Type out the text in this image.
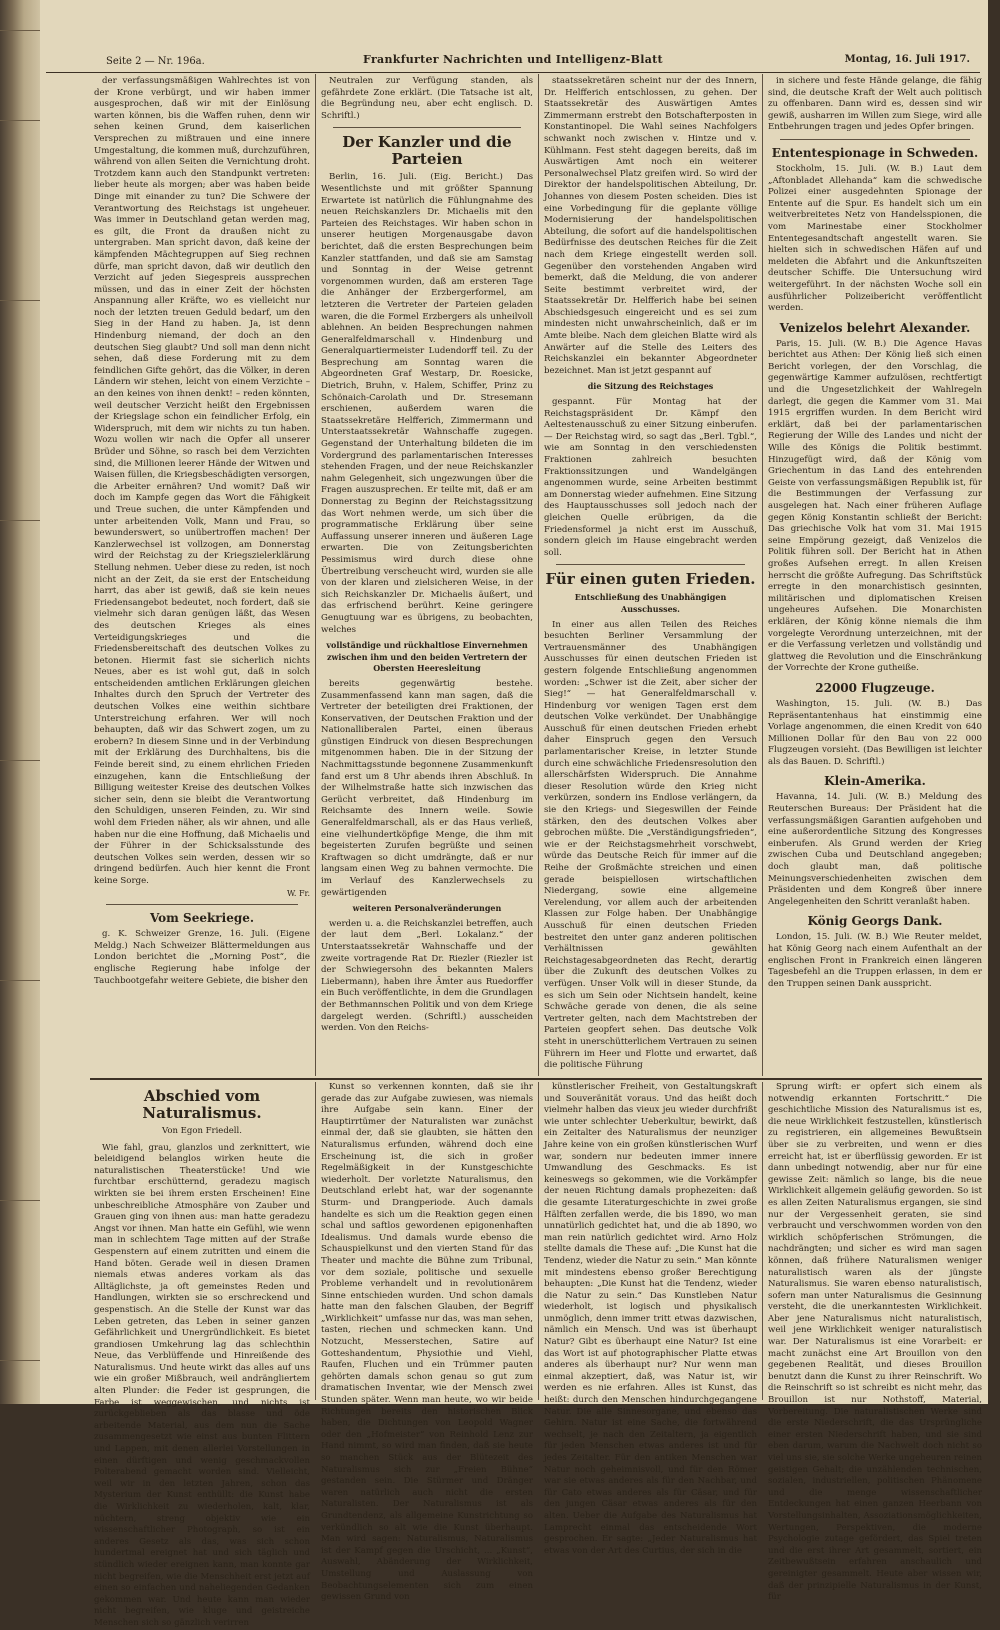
Seite 2 — Nr. 196a.	Frankfurter Nachrichten und Intelligenz-Blatt	Montag, 16. Juli 1917.

der verfassungsmäßigen Wahlrechtes ist von der Krone verbürgt, und wir haben immer ausgesprochen, daß wir mit der Einlösung warten können, bis die Waffen ruhen, denn wir sehen keinen Grund, dem kaiserlichen Versprechen zu mißtrauen und eine innere Umgestaltung, die kommen muß, durchzuführen, während von allen Seiten die Vernichtung droht. Trotzdem kann auch den Standpunkt vertreten: lieber heute als morgen; aber was haben beide Dinge mit einander zu tun? Die Schwere der Verantwortung des Reichstags ist ungeheuer. Was immer in Deutschland getan werden mag, es gilt, die Front da draußen nicht zu untergraben. Man spricht davon, daß keine der kämpfenden Mächtegruppen auf Sieg rechnen dürfe, man spricht davon, daß wir deutlich den Verzicht auf jeden Siegespreis aussprechen müssen, und das in einer Zeit der höchsten Anspannung aller Kräfte, wo es vielleicht nur noch der letzten treuen Geduld bedarf, um den Sieg in der Hand zu haben. Ja, ist denn Hindenburg niemand, der doch an den deutschen Sieg glaubt? Und soll man denn nicht sehen, daß diese Forderung mit zu dem feindlichen Gifte gehört, das die Völker, in deren Ländern wir stehen, leicht von einem Verzichte – an den keines von ihnen denkt! – reden könnten, weil deutscher Verzicht heißt den Ergebnissen der Kriegslage schon ein feindlicher Erfolg, ein Widerspruch, mit dem wir nichts zu tun haben. Wozu wollen wir nach die Opfer all unserer Brüder und Söhne, so rasch bei dem Verzichten sind, die Millionen leerer Hände der Witwen und Waisen füllen, die Kriegsbeschädigten versorgen, die Arbeiter ernähren? Und womit? Daß wir doch im Kampfe gegen das Wort die Fähigkeit und Treue suchen, die unter Kämpfenden und unter arbeitenden Volk, Mann und Frau, so bewunderswert, so unübertroffen machen! Der Kanzlerwechsel ist vollzogen, am Donnerstag wird der Reichstag zu der Kriegszielerklärung Stellung nehmen. Ueber diese zu reden, ist noch nicht an der Zeit, da sie erst der Entscheidung harrt, das aber ist gewiß, daß sie kein neues Friedensangebot bedeutet, noch fordert, daß sie vielmehr sich daran genügen läßt, das Wesen des deutschen Krieges als eines Verteidigungskrieges und die Friedensbereitschaft des deutschen Volkes zu betonen. Hiermit fast sie sicherlich nichts Neues, aber es ist wohl gut, daß in solch entscheidenden amtlichen Erklärungen gleichen Inhaltes durch den Spruch der Vertreter des deutschen Volkes eine weithin sichtbare Unterstreichung erfahren. Wer will noch behaupten, daß wir das Schwert zogen, um zu erobern? In diesem Sinne und in der Verbindung mit der Erklärung des Durchhaltens, bis die Feinde bereit sind, zu einem ehrlichen Frieden einzugehen, kann die Entschließung der Billigung weitester Kreise des deutschen Volkes sicher sein, denn sie bleibt die Verantwortung den Schuldigen, unseren Feinden, zu. Wir sind wohl dem Frieden näher, als wir ahnen, und alle haben nur die eine Hoffnung, daß Michaelis und der Führer in der Schicksalsstunde des deutschen Volkes sein werden, dessen wir so dringend bedürfen. Auch hier kennt die Front keine Sorge.

W. Fr.
Vom Seekriege.

g. K. Schweizer Grenze, 16. Juli. (Eigene Meldg.) Nach Schweizer Blättermeldungen aus London berichtet die „Morning Post“, die englische Regierung habe infolge der Tauchbootgefahr weitere Gebiete, die bisher den

Neutralen zur Verfügung standen, als gefährdete Zone erklärt. (Die Tatsache ist alt, die Begründung neu, aber echt englisch. D. Schriftl.)

Der Kanzler und die Parteien

Berlin, 16. Juli. (Eig. Bericht.) Das Wesentlichste und mit größter Spannung Erwartete ist natürlich die Fühlungnahme des neuen Reichskanzlers Dr. Michaelis mit den Parteien des Reichstages. Wir haben schon in unserer heutigen Morgenausgabe davon berichtet, daß die ersten Besprechungen beim Kanzler stattfanden, und daß sie am Samstag und Sonntag in der Weise getrennt vorgenommen wurden, daß am ersteren Tage die Anhänger der Erzbergerformel, am letzteren die Vertreter der Parteien geladen waren, die die Formel Erzbergers als unheilvoll ablehnen. An beiden Besprechungen nahmen Generalfeldmarschall v. Hindenburg und Generalquartiermeister Ludendorff teil. Zu der Besprechung am Sonntag waren die Abgeordneten Graf Westarp, Dr. Roesicke, Dietrich, Bruhn, v. Halem, Schiffer, Prinz zu Schönaich-Carolath und Dr. Stresemann erschienen, außerdem waren die Staatssekretäre Helfferich, Zimmermann und Unterstaatssekretär Wahnschaffe zugegen. Gegenstand der Unterhaltung bildeten die im Vordergrund des parlamentarischen Interesses stehenden Fragen, und der neue Reichskanzler nahm Gelegenheit, sich ungezwungen über die Fragen auszusprechen. Er teilte mit, daß er am Donnerstag zu Beginn der Reichstagssitzung das Wort nehmen werde, um sich über die programmatische Erklärung über seine Auffassung unserer inneren und äußeren Lage erwarten. Die von Zeitungsberichten Pessimismus wird durch diese ohne Übertreibung verscheucht wird, wurden sie alle von der klaren und zielsicheren Weise, in der sich Reichskanzler Dr. Michaelis äußert, und das erfrischend berührt. Keine geringere Genugtuung war es übrigens, zu beobachten, welches

vollständige und rückhaltlose Einvernehmen zwischen ihm und den beiden Vertretern der Obersten Heeresleitung

bereits gegenwärtig bestehe. Zusammenfassend kann man sagen, daß die Vertreter der beteiligten drei Fraktionen, der Konservativen, der Deutschen Fraktion und der Nationalliberalen Partei, einen überaus günstigen Eindruck von diesen Besprechungen mitgenommen haben. Die in der Sitzung der Nachmittagsstunde begonnene Zusammenkunft fand erst um 8 Uhr abends ihren Abschluß. In der Wilhelmstraße hatte sich inzwischen das Gerücht verbreitet, daß Hindenburg im Reichsamte des Innern weile. Sowie Generalfeldmarschall, als er das Haus verließ, eine vielhundertköpfige Menge, die ihm mit begeisterten Zurufen begrüßte und seinen Kraftwagen so dicht umdrängte, daß er nur langsam einen Weg zu bahnen vermochte. Die im Verlauf des Kanzlerwechsels zu gewärtigenden

weiteren Personalveränderungen

werden u. a. die Reichskanzlei betreffen, auch der laut dem „Berl. Lokalanz.“ der Unterstaatssekretär Wahnschaffe und der zweite vortragende Rat Dr. Riezler (Riezler ist der Schwiegersohn des bekannten Malers Liebermann), haben ihre Ämter aus Ruedorffer ein Buch veröffentlichte, in dem die Grundlagen der Bethmannschen Politik und von dem Kriege dargelegt werden. (Schriftl.) ausscheiden werden. Von den Reichs-

staatssekretären scheint nur der des Innern, Dr. Helfferich entschlossen, zu gehen. Der Staatssekretär des Auswärtigen Amtes Zimmermann erstrebt den Botschafterposten in Konstantinopel. Die Wahl seines Nachfolgers schwankt noch zwischen v. Hintze und v. Kühlmann. Fest steht dagegen bereits, daß im Auswärtigen Amt noch ein weiterer Personalwechsel Platz greifen wird. So wird der Direktor der handelspolitischen Abteilung, Dr. Johannes von diesem Posten scheiden. Dies ist eine Vorbedingung für die geplante völlige Modernisierung der handelspolitischen Abteilung, die sofort auf die handelspolitischen Bedürfnisse des deutschen Reiches für die Zeit nach dem Kriege eingestellt werden soll. Gegenüber den vorstehenden Angaben wird bemerkt, daß die Meldung, die von anderer Seite bestimmt verbreitet wird, der Staatssekretär Dr. Helfferich habe bei seinen Abschiedsgesuch eingereicht und es sei zum mindesten nicht unwahrscheinlich, daß er im Amte bleibe. Nach dem gleichen Blatte wird als Anwärter auf die Stelle des Leiters des Reichskanzlei ein bekannter Abgeordneter bezeichnet. Man ist jetzt gespannt auf

die Sitzung des Reichstages

gespannt. Für Montag hat der Reichstagspräsident Dr. Kämpf den Aeltestenausschuß zu einer Sitzung einberufen. — Der Reichstag wird, so sagt das „Berl. Tgbl.“, wie am Sonntag in den verschiedensten Fraktionen zahlreich besuchten Fraktionssitzungen und Wandelgängen angenommen wurde, seine Arbeiten bestimmt am Donnerstag wieder aufnehmen. Eine Sitzung des Hauptausschusses soll jedoch nach der gleichen Quelle erübrigen, da die Friedensformel ja nicht erst im Ausschuß, sondern gleich im Hause eingebracht werden soll.

Für einen guten Frieden.
Entschließung des Unabhängigen Ausschusses.

In einer aus allen Teilen des Reiches besuchten Berliner Versammlung der Vertrauensmänner des Unabhängigen Ausschusses für einen deutschen Frieden ist gestern folgende Entschließung angenommen worden: „Schwer ist die Zeit, aber sicher der Sieg!“ — hat Generalfeldmarschall v. Hindenburg vor wenigen Tagen erst dem deutschen Volke verkündet. Der Unabhängige Ausschuß für einen deutschen Frieden erhebt daher Einspruch gegen den Versuch parlamentarischer Kreise, in letzter Stunde durch eine schwächliche Friedensresolution den allerschärfsten Widerspruch. Die Annahme dieser Resolution würde den Krieg nicht verkürzen, sondern ins Endlose verlängern, da sie den Kriegs- und Siegeswillen der Feinde stärken, den des deutschen Volkes aber gebrochen müßte. Die „Verständigungsfrieden“, wie er der Reichstagsmehrheit vorschwebt, würde das Deutsche Reich für immer auf die Reihe der Großmächte streichen und einen gerade beispiellosen wirtschaftlichen Niedergang, sowie eine allgemeine Verelendung, vor allem auch der arbeitenden Klassen zur Folge haben. Der Unabhängige Ausschuß für einen deutschen Frieden bestreitet den unter ganz anderen politischen Verhältnissen gewählten Reichstagesabgeordneten das Recht, derartig über die Zukunft des deutschen Volkes zu verfügen. Unser Volk will in dieser Stunde, da es sich um Sein oder Nichtsein handelt, keine Schwäche gerade von denen, die als seine Vertreter gelten, nach dem Machtstreben der Parteien geopfert sehen. Das deutsche Volk steht in unerschütterlichem Vertrauen zu seinen Führern im Heer und Flotte und erwartet, daß die politische Führung

in sichere und feste Hände gelange, die fähig sind, die deutsche Kraft der Welt auch politisch zu offenbaren. Dann wird es, dessen sind wir gewiß, ausharren im Willen zum Siege, wird alle Entbehrungen tragen und jedes Opfer bringen.

Ententespionage in Schweden.

Stockholm, 15. Juli. (W. B.) Laut dem „Aftonbladet Allehanda“ kam die schwedische Polizei einer ausgedehnten Spionage der Entente auf die Spur. Es handelt sich um ein weitverbreitetes Netz von Handelsspionen, die vom Marinestabe einer Stockholmer Ententegesandtschaft angestellt waren. Sie hielten sich in schwedischen Häfen auf und meldeten die Abfahrt und die Ankunftszeiten deutscher Schiffe. Die Untersuchung wird weitergeführt. In der nächsten Woche soll ein ausführlicher Polizeibericht veröffentlicht werden.

Venizelos belehrt Alexander.

Paris, 15. Juli. (W. B.) Die Agence Havas berichtet aus Athen: Der König ließ sich einen Bericht vorlegen, der den Vorschlag, die gegenwärtige Kammer aufzulösen, rechtfertigt und die Ungesetzlichkeit der Wahlregeln darlegt, die gegen die Kammer vom 31. Mai 1915 ergriffen wurden. In dem Bericht wird erklärt, daß bei der parlamentarischen Regierung der Wille des Landes und nicht der Wille des Königs die Politik bestimmt. Hinzugefügt wird, daß der König vom Griechentum in das Land des entehrenden Geiste von verfassungsmäßigen Republik ist, für die Bestimmungen der Verfassung zur ausgelegen hat. Nach einer früheren Auflage gegen König Konstantin schließt der Bericht: Das griechische Volk hat vom 31. Mai 1915 seine Empörung gezeigt, daß Venizelos die Politik führen soll. Der Bericht hat in Athen großes Aufsehen erregt. In allen Kreisen herrscht die größte Aufregung. Das Schriftstück erregte in den monarchistisch gesinnten, militärischen und diplomatischen Kreisen ungeheures Aufsehen. Die Monarchisten erklären, der König könne niemals die ihm vorgelegte Verordnung unterzeichnen, mit der er die Verfassung verletzen und vollständig und glattweg die Revolution und die Einschränkung der Vorrechte der Krone gutheiße.

22000 Flugzeuge.

Washington, 15. Juli. (W. B.) Das Repräsentantenhaus hat einstimmig eine Vorlage angenommen, die einen Kredit von 640 Millionen Dollar für den Bau von 22 000 Flugzeugen vorsieht. (Das Bewilligen ist leichter als das Bauen. D. Schriftl.)

Klein-Amerika.

Havanna, 14. Juli. (W. B.) Meldung des Reuterschen Bureaus: Der Präsident hat die verfassungsmäßigen Garantien aufgehoben und eine außerordentliche Sitzung des Kongresses einberufen. Als Grund werden der Krieg zwischen Cuba und Deutschland angegeben; doch glaubt man, daß politische Meinungsverschiedenheiten zwischen dem Präsidenten und dem Kongreß über innere Angelegenheiten den Schritt veranlaßt haben.

König Georgs Dank.

London, 15. Juli. (W. B.) Wie Reuter meldet, hat König Georg nach einem Aufenthalt an der englischen Front in Frankreich einen längeren Tagesbefehl an die Truppen erlassen, in dem er den Truppen seinen Dank ausspricht.

Abschied vom Naturalismus.
Von Egon Friedell.

Wie fahl, grau, glanzlos und zerknittert, wie beleidigend belanglos wirken heute die naturalistischen Theaterstücke! Und wie furchtbar erschütternd, geradezu magisch wirkten sie bei ihrem ersten Erscheinen! Eine unbeschreibliche Atmosphäre von Zauber und Grauen ging von ihnen aus: man hatte geradezu Angst vor ihnen. Man hatte ein Gefühl, wie wenn man in schlechtem Tage mitten auf der Straße Gespenstern auf einem zutritten und einem die Hand böten. Gerade weil in diesen Dramen niemals etwas anderes vorkam als das Alltäglichste, ja oft gemeinstes Reden und Handlungen, wirkten sie so erschreckend und gespenstisch. An die Stelle der Kunst war das Leben getreten, das Leben in seiner ganzen Gefährlichkeit und Unergründlichkeit. Es bietet grandiosen Umkehrung lag das schlechthin Neue, das Verblüffende und Hinreißende des Naturalismus. Und heute wirkt das alles auf uns wie ein großer Mißbrauch, weil andrängliertem alten Plunder: die Feder ist gesprungen, die Farbe ist weggewischen, und nichts ist zurückgeblieben als das blasse und öde arbeitende Material, aus dem nun die Sache zusammengesetzt wie einst aus bunten Flittern und Lappen, mit denen allerlei Vorstellungen in einen dürftigen und wenig geschmackvollen Polterabend gemacht worden sind. Vielleicht, weil wir in den letzten Jahren, schon das Mysterium der Kunst enthüllt: die Kunst habe die Wirklichkeit zu wiederholen, kalt, klar, nüchtern, streng objektiv wie ein wissenschaftlicher Photograph, so ist ein anderes Gesetz als das, was sich schon hundertmal ereignet hat und sich täglich und stündlich wieder ereignen kann, man konnte gar nicht begreifen, wie die Menschheit erst jetzt auf einen so einfachen und naheliegenden Gedanken gekommen war. Und heute kann man wieder nicht begreifen, wie kluge und geistreiche Menschen sich so gänzlich verirren

Kunst so verkennen konnten, daß sie ihr gerade das zur Aufgabe zuwiesen, was niemals ihre Aufgabe sein kann. Einer der Hauptirrtümer der Naturalisten war zunächst einmal der, daß sie glaubten, sie hätten den Naturalismus erfunden, während doch eine Erscheinung ist, die sich in großer Regelmäßigkeit in der Kunstgeschichte wiederholt. Der vorletzte Naturalismus, den Deutschland erlebt hat, war der sogenannte Sturm- und Drangperiode. Auch damals handelte es sich um die Reaktion gegen einen schal und saftlos gewordenen epigonenhaften Idealismus. Und damals wurde ebenso die Schauspielkunst und den vierten Stand für das Theater und machte die Bühne zum Tribunal, vor dem soziale, politische und sexuelle Probleme verhandelt und in revolutionärem Sinne entschieden wurden. Und schon damals hatte man den falschen Glauben, der Begriff „Wirklichkeit“ umfasse nur das, was man sehen, tasten, riechen und schmecken kann. Und Notzucht, Messerstechen, Satire auf Gotteshandentum, Physiothie und Viehl, Raufen, Fluchen und ein Trümmer pauten gehörten damals schon genau so gut zum dramatischen Inventar, wie der Mensch zwei Stunden später. Wenn man heute, wo wir beide Richtungen bereits den historischen Blick haben, die Dichtungen von Leopold Wagner oder den „Hofmeister“ von Reinhold Lenz zur Hand nimmt, so wird man finden, daß sie heute so manchen Stück aus der Blütezeit des Naturalismus sich zur „Freien Bühne“ gestanden sein. Die Stürmer und Dränger waren natürlich auch nicht die ersten Naturalisten. Der Naturalismus ist als Grundtendenz, als allgemeine Kunstrichtung so verkündlich so alt wie die Kunst überhaupt. Man wird sagen: Naturalismus, Naturalismus ist der Kampf gegen die Urschicht, ... „Kunst“, Auswahl, Abänderung der Wirklichkeit, Umstellung und Auslassung von Beobachtungselementen sich zum einen gewissen Grund von

künstlerischer Freiheit, von Gestaltungskraft und Souveränität voraus. Und das heißt doch vielmehr halben das vieux jeu wieder durchfrißt wie unter schlechter Ueberkultur, bewirkt, daß ein Zeitalter des Naturalismus der neunziger Jahre keine von ein großen künstlerischen Wurf war, sondern nur bedeuten immer innere Umwandlung des Geschmacks. Es ist keineswegs so gekommen, wie die Vorkämpfer der neuen Richtung damals prophezeiten: daß die gesamte Literaturgeschichte in zwei große Hälften zerfallen werde, die bis 1890, wo man unnatürlich gedichtet hat, und die ab 1890, wo man rein natürlich gedichtet wird. Arno Holz stellte damals die These auf: „Die Kunst hat die Tendenz, wieder die Natur zu sein.“ Man könnte mit mindestens ebenso großer Berechtigung behaupten: „Die Kunst hat die Tendenz, wieder die Natur zu sein.“ Das Kunstleben Natur wiederholt, ist logisch und physikalisch unmöglich, denn immer tritt etwas dazwischen, nämlich ein Mensch. Und was ist überhaupt Natur? Gibt es überhaupt eine Natur? Ist eine das Wort ist auf photographischer Platte etwas anderes als überhaupt nur? Nur wenn man einmal akzeptiert, daß, was Natur ist, wir werden es nie erfahren. Alles ist Kunst, das heißt: durch den Menschen hindurchgegangene Natur. Die alle Sinnesorgane, und ebenso das Gehirn. Natur ist eine Sache, die fortwährend wechselt, je nach den Zeitaltern, ja eigentlich für jeden Menschen etwas anderes ist und für jedes Zeitalter. Für den antiken Menschen war Natur noch geheimnisvoll, und für den Römer war sie etwas anderes als für den Nachbar, und für Cato etwas anderes als für Cäsar, und für den jungen Cäsar etwas anderes als für den alten. Ueber die Aufgabe des Naturalismus hat Lamprecht einmal das entscheidende Wort gesprochen. Er sagte: „Jeder Naturalismus hat etwas von der Art des Curtius, der sich in die

Sprung wirft: er opfert sich einem als notwendig erkannten Fortschritt.“ Die geschichtliche Mission des Naturalismus ist es, die neue Wirklichkeit festzustellen, künstlerisch zu registrieren, ein allgemeines Bewußtsein über sie zu verbreiten, und wenn er dies erreicht hat, ist er überflüssig geworden. Er ist dann unbedingt notwendig, aber nur für eine gewisse Zeit: nämlich so lange, bis die neue Wirklichkeit allgemein geläufig geworden. So ist es allen Zeiten Naturalismus ergangen, sie sind nur der Vergessenheit geraten, sie sind verbraucht und verschwommen worden von den wirklich schöpferischen Strömungen, die nachdrängten; und sicher es wird man sagen können, daß frühere Naturalismen weniger naturalistisch waren als der jüngste Naturalismus. Sie waren ebenso naturalistisch, sofern man unter Naturalismus die Gesinnung versteht, die die unerkanntesten Wirklichkeit. Aber jene Naturalismus nicht naturalistisch, weil jene Wirklichkeit weniger naturalistisch war. Der Naturalismus ist eine Vorarbeit: er macht zunächst eine Art Brouillon von den gegebenen Realität, und dieses Brouillon benutzt dann die Kunst zu ihrer Reinschrift. Wo die Reinschrift so ist schreibt es nicht mehr, das Brouillon ist nur Nothstoff, Material, Vorbereitung. Die naturalistischen Werke sind die erste Niederschrift, die das Ursprüngliche einer ersten Niederschrift haben, und sie sind eben darum, warum die Nachwelt doch nicht so viel uns sie, sie solche Werke ungeheuren reinen geistigen Gehalt; die unzählenden technischen, sozialen, industriellen, politischen Phänomene und die menge wissenschaftlicher Entdeckungen hat einen ganzen Heerbann von Vorstellungsinhalten, Assoziationsmöglichkeiten, Wertungen, Perspektiven, die moderne Psychologie zutage gefördert, das Spiel treten und die erst ihrer Art gesammelt, sortiert, ein Zeitbewußtsein erfahren anschaulich und gereinigter gesammelt. Heute aber wissen wir, daß der prinzipielle Naturalismus in der Kunst, für
